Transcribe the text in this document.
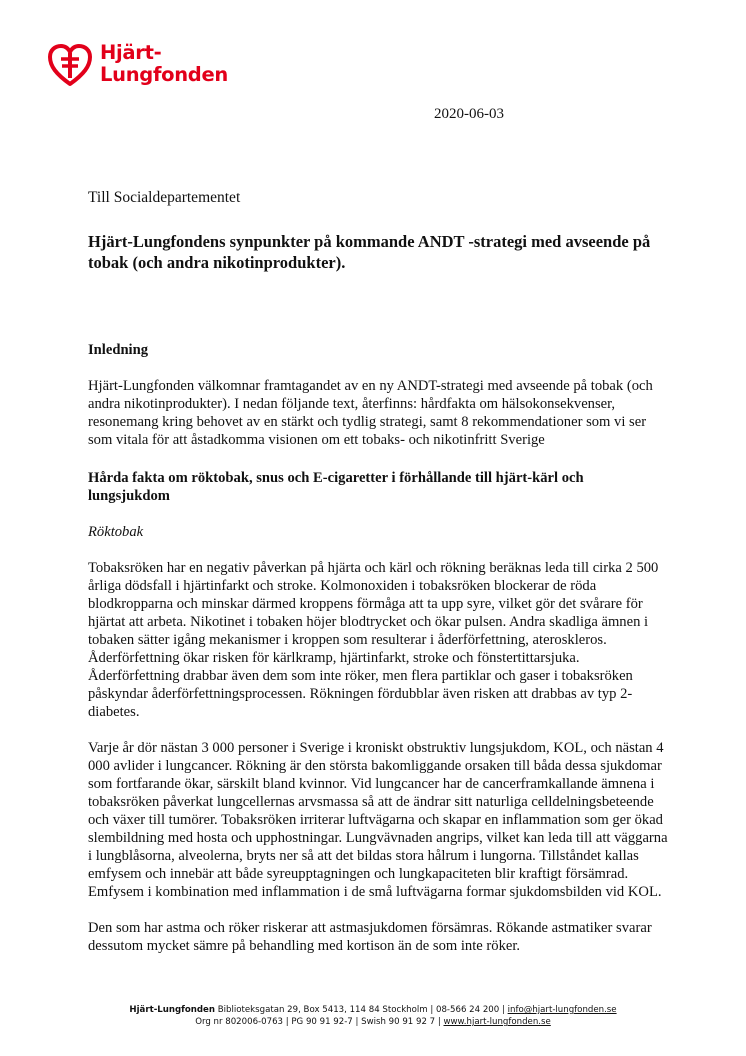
Hjärt-
Lungfonden
2020-06-03

Till Socialdepartementet

Hjärt-Lungfondens synpunkter på kommande ANDT -strategi med avseende på tobak (och andra nikotinprodukter).

Inledning

Hjärt-Lungfonden välkomnar framtagandet av en ny ANDT-strategi med avseende på tobak (och andra nikotinprodukter). I nedan följande text, återfinns: hårdfakta om hälsokonsekvenser, resonemang kring behovet av en stärkt och tydlig strategi, samt 8 rekommendationer som vi ser som vitala för att åstadkomma visionen om ett tobaks- och nikotinfritt Sverige

Hårda fakta om röktobak, snus och E-cigaretter i förhållande till hjärt-kärl och lungsjukdom

Röktobak

Tobaksröken har en negativ påverkan på hjärta och kärl och rökning beräknas leda till cirka 2 500 årliga dödsfall i hjärtinfarkt och stroke. Kolmonoxiden i tobaksröken blockerar de röda blodkropparna och minskar därmed kroppens förmåga att ta upp syre, vilket gör det svårare för hjärtat att arbeta. Nikotinet i tobaken höjer blodtrycket och ökar pulsen. Andra skadliga ämnen i tobaken sätter igång mekanismer i kroppen som resulterar i åderförfettning, ateroskleros. Åderförfettning ökar risken för kärlkramp, hjärtinfarkt, stroke och fönstertittarsjuka. Åderförfettning drabbar även dem som inte röker, men flera partiklar och gaser i tobaksröken påskyndar åderförfettningsprocessen. Rökningen fördubblar även risken att drabbas av typ 2-diabetes.

Varje år dör nästan 3 000 personer i Sverige i kroniskt obstruktiv lungsjukdom, KOL, och nästan 4 000 avlider i lungcancer. Rökning är den största bakomliggande orsaken till båda dessa sjukdomar som fortfarande ökar, särskilt bland kvinnor. Vid lungcancer har de cancerframkallande ämnena i tobaksröken påverkat lungcellernas arvsmassa så att de ändrar sitt naturliga celldelningsbeteende och växer till tumörer. Tobaksröken irriterar luftvägarna och skapar en inflammation som ger ökad slembildning med hosta och upphostningar. Lungvävnaden angrips, vilket kan leda till att väggarna i lungblåsorna, alveolerna, bryts ner så att det bildas stora hålrum i lungorna. Tillståndet kallas emfysem och innebär att både syreupptagningen och lungkapaciteten blir kraftigt försämrad. Emfysem i kombination med inflammation i de små luftvägarna formar sjukdomsbilden vid KOL.

Den som har astma och röker riskerar att astmasjukdomen försämras. Rökande astmatiker svarar dessutom mycket sämre på behandling med kortison än de som inte röker.

Hjärt-Lungfonden Biblioteksgatan 29, Box 5413, 114 84 Stockholm | 08-566 24 200 | info@hjart-lungfonden.se
Org nr 802006-0763 | PG 90 91 92-7 | Swish 90 91 92 7 | www.hjart-lungfonden.se
